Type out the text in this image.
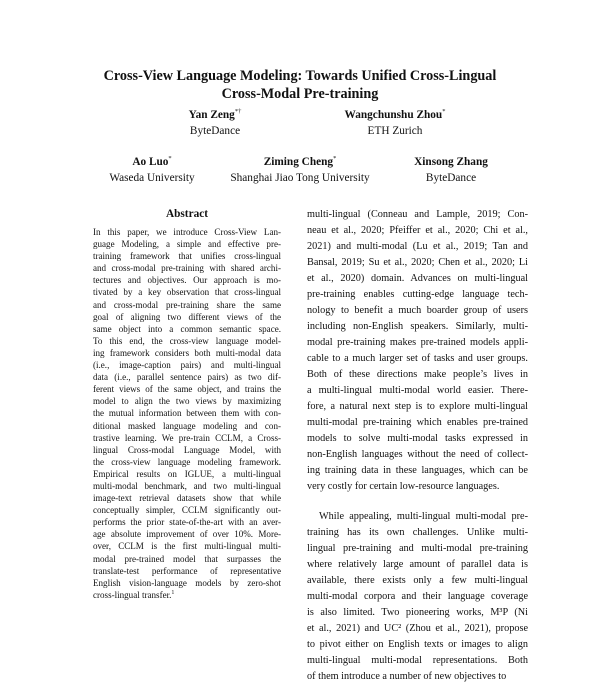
Cross-View Language Modeling: Towards Unified Cross-Lingual
Cross-Modal Pre-training
Yan Zeng*†
ByteDance
Wangchunshu Zhou*
ETH Zurich
Ao Luo*
Waseda University
Ziming Cheng*
Shanghai Jiao Tong University
Xinsong Zhang
ByteDance
Abstract
In this paper, we introduce Cross-View Lan-
guage Modeling, a simple and effective pre-
training framework that unifies cross-lingual
and cross-modal pre-training with shared archi-
tectures and objectives. Our approach is mo-
tivated by a key observation that cross-lingual
and cross-modal pre-training share the same
goal of aligning two different views of the
same object into a common semantic space.
To this end, the cross-view language model-
ing framework considers both multi-modal data
(i.e., image-caption pairs) and multi-lingual
data (i.e., parallel sentence pairs) as two dif-
ferent views of the same object, and trains the
model to align the two views by maximizing
the mutual information between them with con-
ditional masked language modeling and con-
trastive learning. We pre-train CCLM, a Cross-
lingual Cross-modal Language Model, with
the cross-view language modeling framework.
Empirical results on IGLUE, a multi-lingual
multi-modal benchmark, and two multi-lingual
image-text retrieval datasets show that while
conceptually simpler, CCLM significantly out-
performs the prior state-of-the-art with an aver-
age absolute improvement of over 10%. More-
over, CCLM is the first multi-lingual multi-
modal pre-trained model that surpasses the
translate-test performance of representative
English vision-language models by zero-shot
cross-lingual transfer.$^1$
multi-lingual (Conneau and Lample, 2019; Con-
neau et al., 2020; Pfeiffer et al., 2020; Chi et al.,
2021) and multi-modal (Lu et al., 2019; Tan and
Bansal, 2019; Su et al., 2020; Chen et al., 2020; Li
et al., 2020) domain. Advances on multi-lingual
pre-training enables cutting-edge language tech-
nology to benefit a much boarder group of users
including non-English speakers. Similarly, multi-
modal pre-training makes pre-trained models appli-
cable to a much larger set of tasks and user groups.
Both of these directions make people’s lives in
a multi-lingual multi-modal world easier. There-
fore, a natural next step is to explore multi-lingual
multi-modal pre-training which enables pre-trained
models to solve multi-modal tasks expressed in
non-English languages without the need of collect-
ing training data in these languages, which can be
very costly for certain low-resource languages.
While appealing, multi-lingual multi-modal pre-
training has its own challenges. Unlike multi-
lingual pre-training and multi-modal pre-training
where relatively large amount of parallel data is
available, there exists only a few multi-lingual
multi-modal corpora and their language coverage
is also limited. Two pioneering works, M³P (Ni
et al., 2021) and UC² (Zhou et al., 2021), propose
to pivot either on English texts or images to align
multi-lingual multi-modal representations. Both
of them introduce a number of new objectives to
